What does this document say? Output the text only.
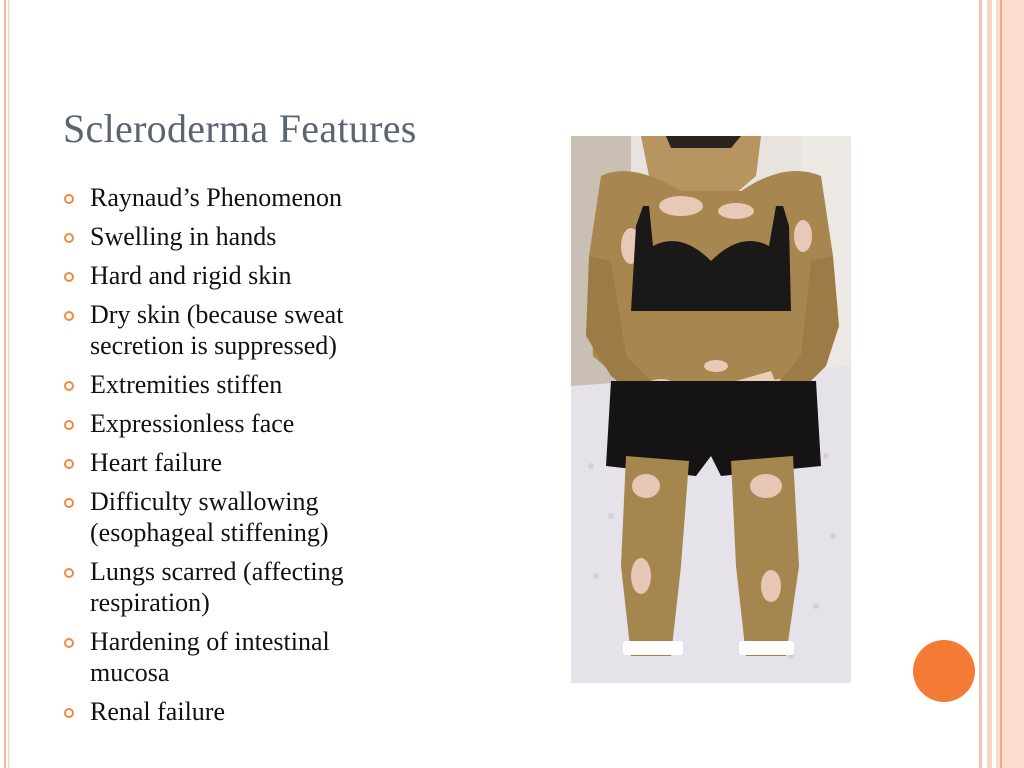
Scleroderma Features
Raynaud’s Phenomenon
Swelling in hands
Hard and rigid skin
Dry skin (because sweat
secretion is suppressed)
Extremities stiffen
Expressionless face
Heart failure
Difficulty swallowing
(esophageal stiffening)
Lungs scarred (affecting
respiration)
Hardening of intestinal
mucosa
Renal failure
